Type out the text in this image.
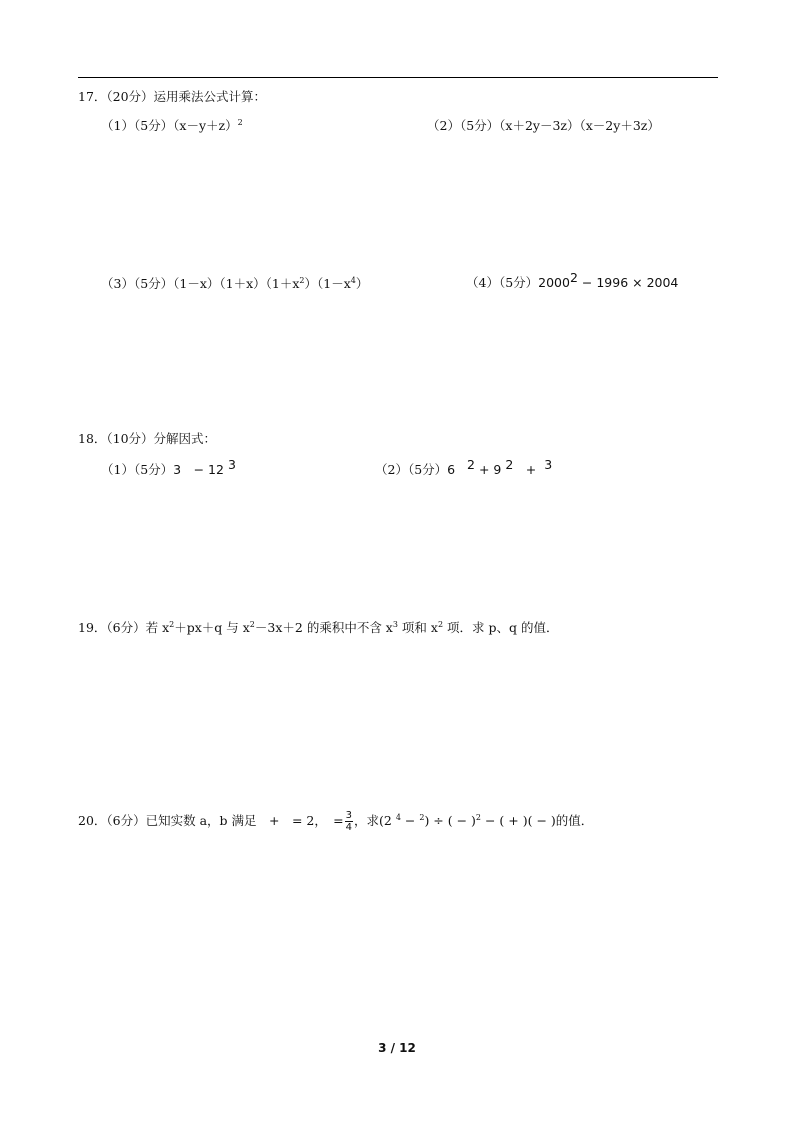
17．（20分）运用乘法公式计算：
（1）（5分）$(x-y+z)^2$	（2）（5分）（x＋2y－3z）（x－2y＋3z）
（3）（5分）$(1-x)(1+x)(1+x^2)(1-x^4)$	（4）（5分）$2000^2 - 1996 \times 2004$
18．（10分）分解因式：
（1）（5分）3　− 12 $^3$	（2）（5分）6 $^2$ + 9 $^2$　+ $^3$
19．（6分）若 $x^2+px+q$ 与 $x^2-3x+2$ 的乘积中不含 $x^3$ 项和 $x^2$ 项．求 p、q 的值．
20．（6分）已知实数 a，b 满足　+　= 2，　= $\frac{3}{4}$ ，求(2 $^4$ − $^2$) ÷ ( − )$^2$ − ( + )( − )的值．
3 / 12
